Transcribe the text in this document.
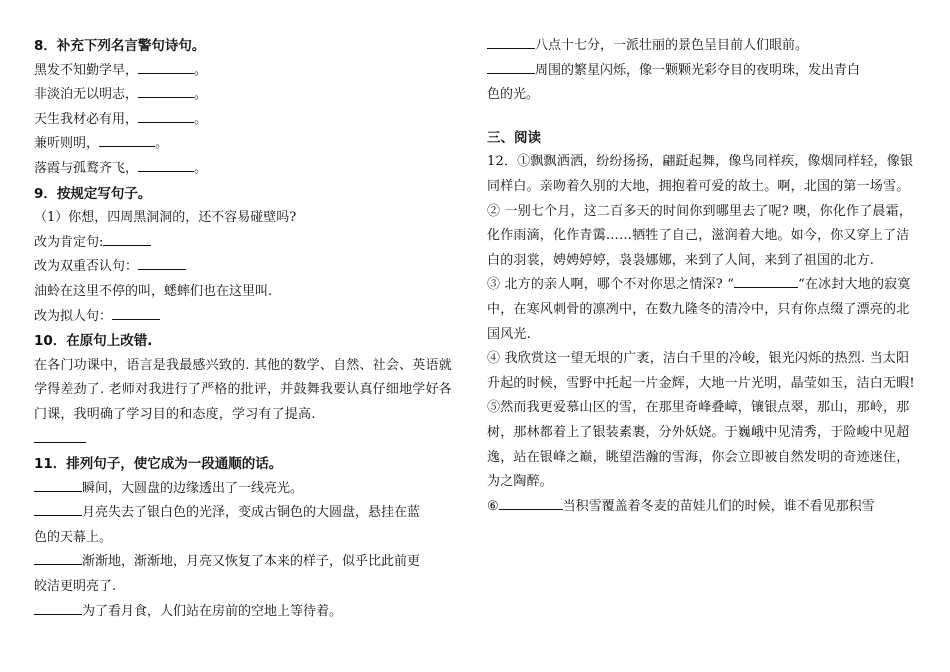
8．补充下列名言警句诗句。
黑发不知勤学早，	。
非淡泊无以明志，	。
天生我材必有用，	。
兼听则明，	。
落霞与孤鹜齐飞，	。
9．按规定写句子。
（1）你想，四周黑洞洞的，还不容易碰壁吗?
改为肯定句:
改为双重否认句：
油蛉在这里不停的叫，蟋蟀们也在这里叫.
改为拟人句：
10．在原句上改错.
在各门功课中，语言是我最感兴致的. 其他的数学、自然、社会、英语就学得差劲了. 老师对我进行了严格的批评，并鼓舞我要认真仔细地学好各门课，我明确了学习目的和态度，学习有了提高.
11．排列句子，使它成为一段通顺的话。
瞬间，大圆盘的边缘透出了一线亮光。
月亮失去了银白色的光泽，变成古铜色的大圆盘，悬挂在蓝
色的天幕上。
渐渐地，渐渐地，月亮又恢复了本来的样子，似乎比此前更
皎洁更明亮了.
为了看月食，人们站在房前的空地上等待着。
八点十七分，一派壮丽的景色呈目前人们眼前。
周围的繁星闪烁，像一颗颗光彩夺目的夜明珠，发出青白
色的光。
三、阅读
12．①飘飘洒洒，纷纷扬扬，翩跹起舞，像鸟同样疾，像烟同样轻，像银同样白。亲吻着久别的大地，拥抱着可爱的故土。啊，北国的第一场雪。
② 一别七个月，这二百多天的时间你到哪里去了呢? 噢，你化作了晨霜，化作雨滴，化作青霭……牺牲了自己，滋润着大地。如今，你又穿上了洁白的羽裳，娉娉婷婷，袅袅娜娜，来到了人间，来到了祖国的北方.
③ 北方的亲人啊，哪个不对你思之情深? “	“在冰封大地的寂寞中，在寒风刺骨的凛冽中，在数九隆冬的清冷中，只有你点缀了漂亮的北国风光.
④ 我欣赏这一望无垠的广袤，洁白千里的冷峻，银光闪烁的热烈. 当太阳升起的时候，雪野中托起一片金辉，大地一片光明，晶莹如玉，洁白无暇!
⑤然而我更爱慕山区的雪，在那里奇峰叠嶂，镶银点翠，那山，那岭，那树，那林都着上了银装素裹，分外妖娆。于巍峨中见清秀，于险峻中见超逸，站在银峰之巅，眺望浩瀚的雪海，你会立即被自然发明的奇迹迷住，为之陶醉。
⑥	当积雪覆盖着冬麦的苗娃儿们的时候，谁不看见那积雪
